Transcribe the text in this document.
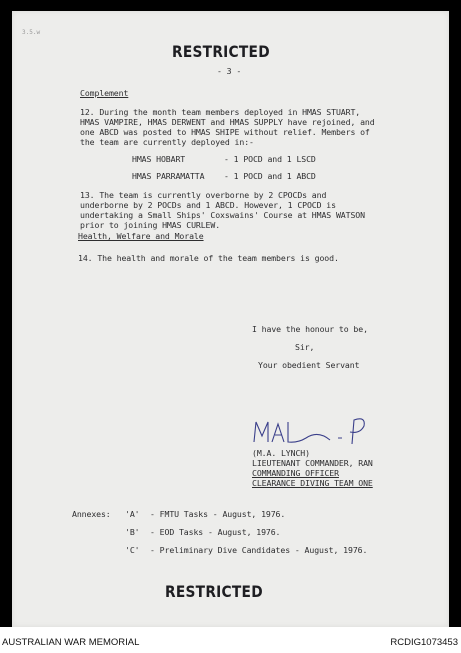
3.5.w
RESTRICTED
- 3 -
Complement
12. During the month team members deployed in HMAS STUART,
HMAS VAMPIRE, HMAS DERWENT and HMAS SUPPLY have rejoined, and
one ABCD was posted to HMAS SHIPE without relief. Members of
the team are currently deployed in:-
HMAS HOBART	- 1 POCD and 1 LSCD
HMAS PARRAMATTA - 1 POCD and 1 ABCD
13. The team is currently overborne by 2 CPOCDs and
underborne by 2 POCDs and 1 ABCD. However, 1 CPOCD is
undertaking a Small Ships' Coxswains' Course at HMAS WATSON
prior to joining HMAS CURLEW.
Health, Welfare and Morale
14. The health and morale of the team members is good.
I have the honour to be,
Sir,
Your obedient Servant
(M.A. LYNCH)
LIEUTENANT COMMANDER, RAN
COMMANDING OFFICER
CLEARANCE DIVING TEAM ONE
Annexes: 'A' - FMTU Tasks - August, 1976.
'B' - EOD Tasks - August, 1976.
'C' - Preliminary Dive Candidates - August, 1976.
RESTRICTED
AUSTRALIAN WAR MEMORIAL	RCDIG1073453
